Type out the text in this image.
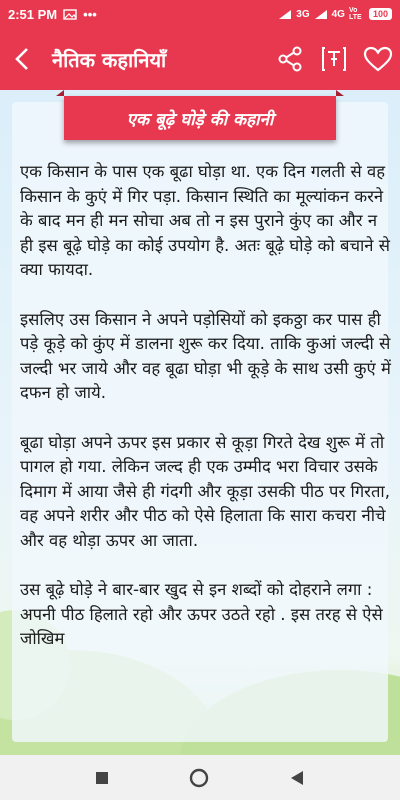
2:51 PM •••	3G 4G Vo LTE	100
नैतिक कहानियाँ
एक बूढ़े घोड़े की कहानी

एक किसान के पास एक बूढा घोड़ा था. एक दिन गलती से वह किसान के कुएं में गिर पड़ा. किसान स्थिति का मूल्यांकन करने के बाद मन ही मन सोचा अब तो न इस पुराने कुंए का और न ही इस बूढ़े घोड़े का कोई उपयोग है. अतः बूढ़े घोड़े को बचाने से क्या फायदा.

इसलिए उस किसान ने अपने पड़ोसियों को इकठ्ठा कर पास ही पड़े कूड़े को कुंए में डालना शुरू कर दिया. ताकि कुआं जल्दी से जल्दी भर जाये और वह बूढा घोड़ा भी कूड़े के साथ उसी कुएं में दफन हो जाये.

बूढा घोड़ा अपने ऊपर इस प्रकार से कूड़ा गिरते देख शुरू में तो पागल हो गया. लेकिन जल्द ही एक उम्मीद भरा विचार उसके दिमाग में आया जैसे ही गंदगी और कूड़ा उसकी पीठ पर गिरता, वह अपने शरीर और पीठ को ऐसे हिलाता कि सारा कचरा नीचे और वह थोड़ा ऊपर आ जाता.

उस बूढ़े घोड़े ने बार-बार खुद से इन शब्दों को दोहराने लगा : अपनी पीठ हिलाते रहो और ऊपर उठते रहो . इस तरह से ऐसे जोखिम
